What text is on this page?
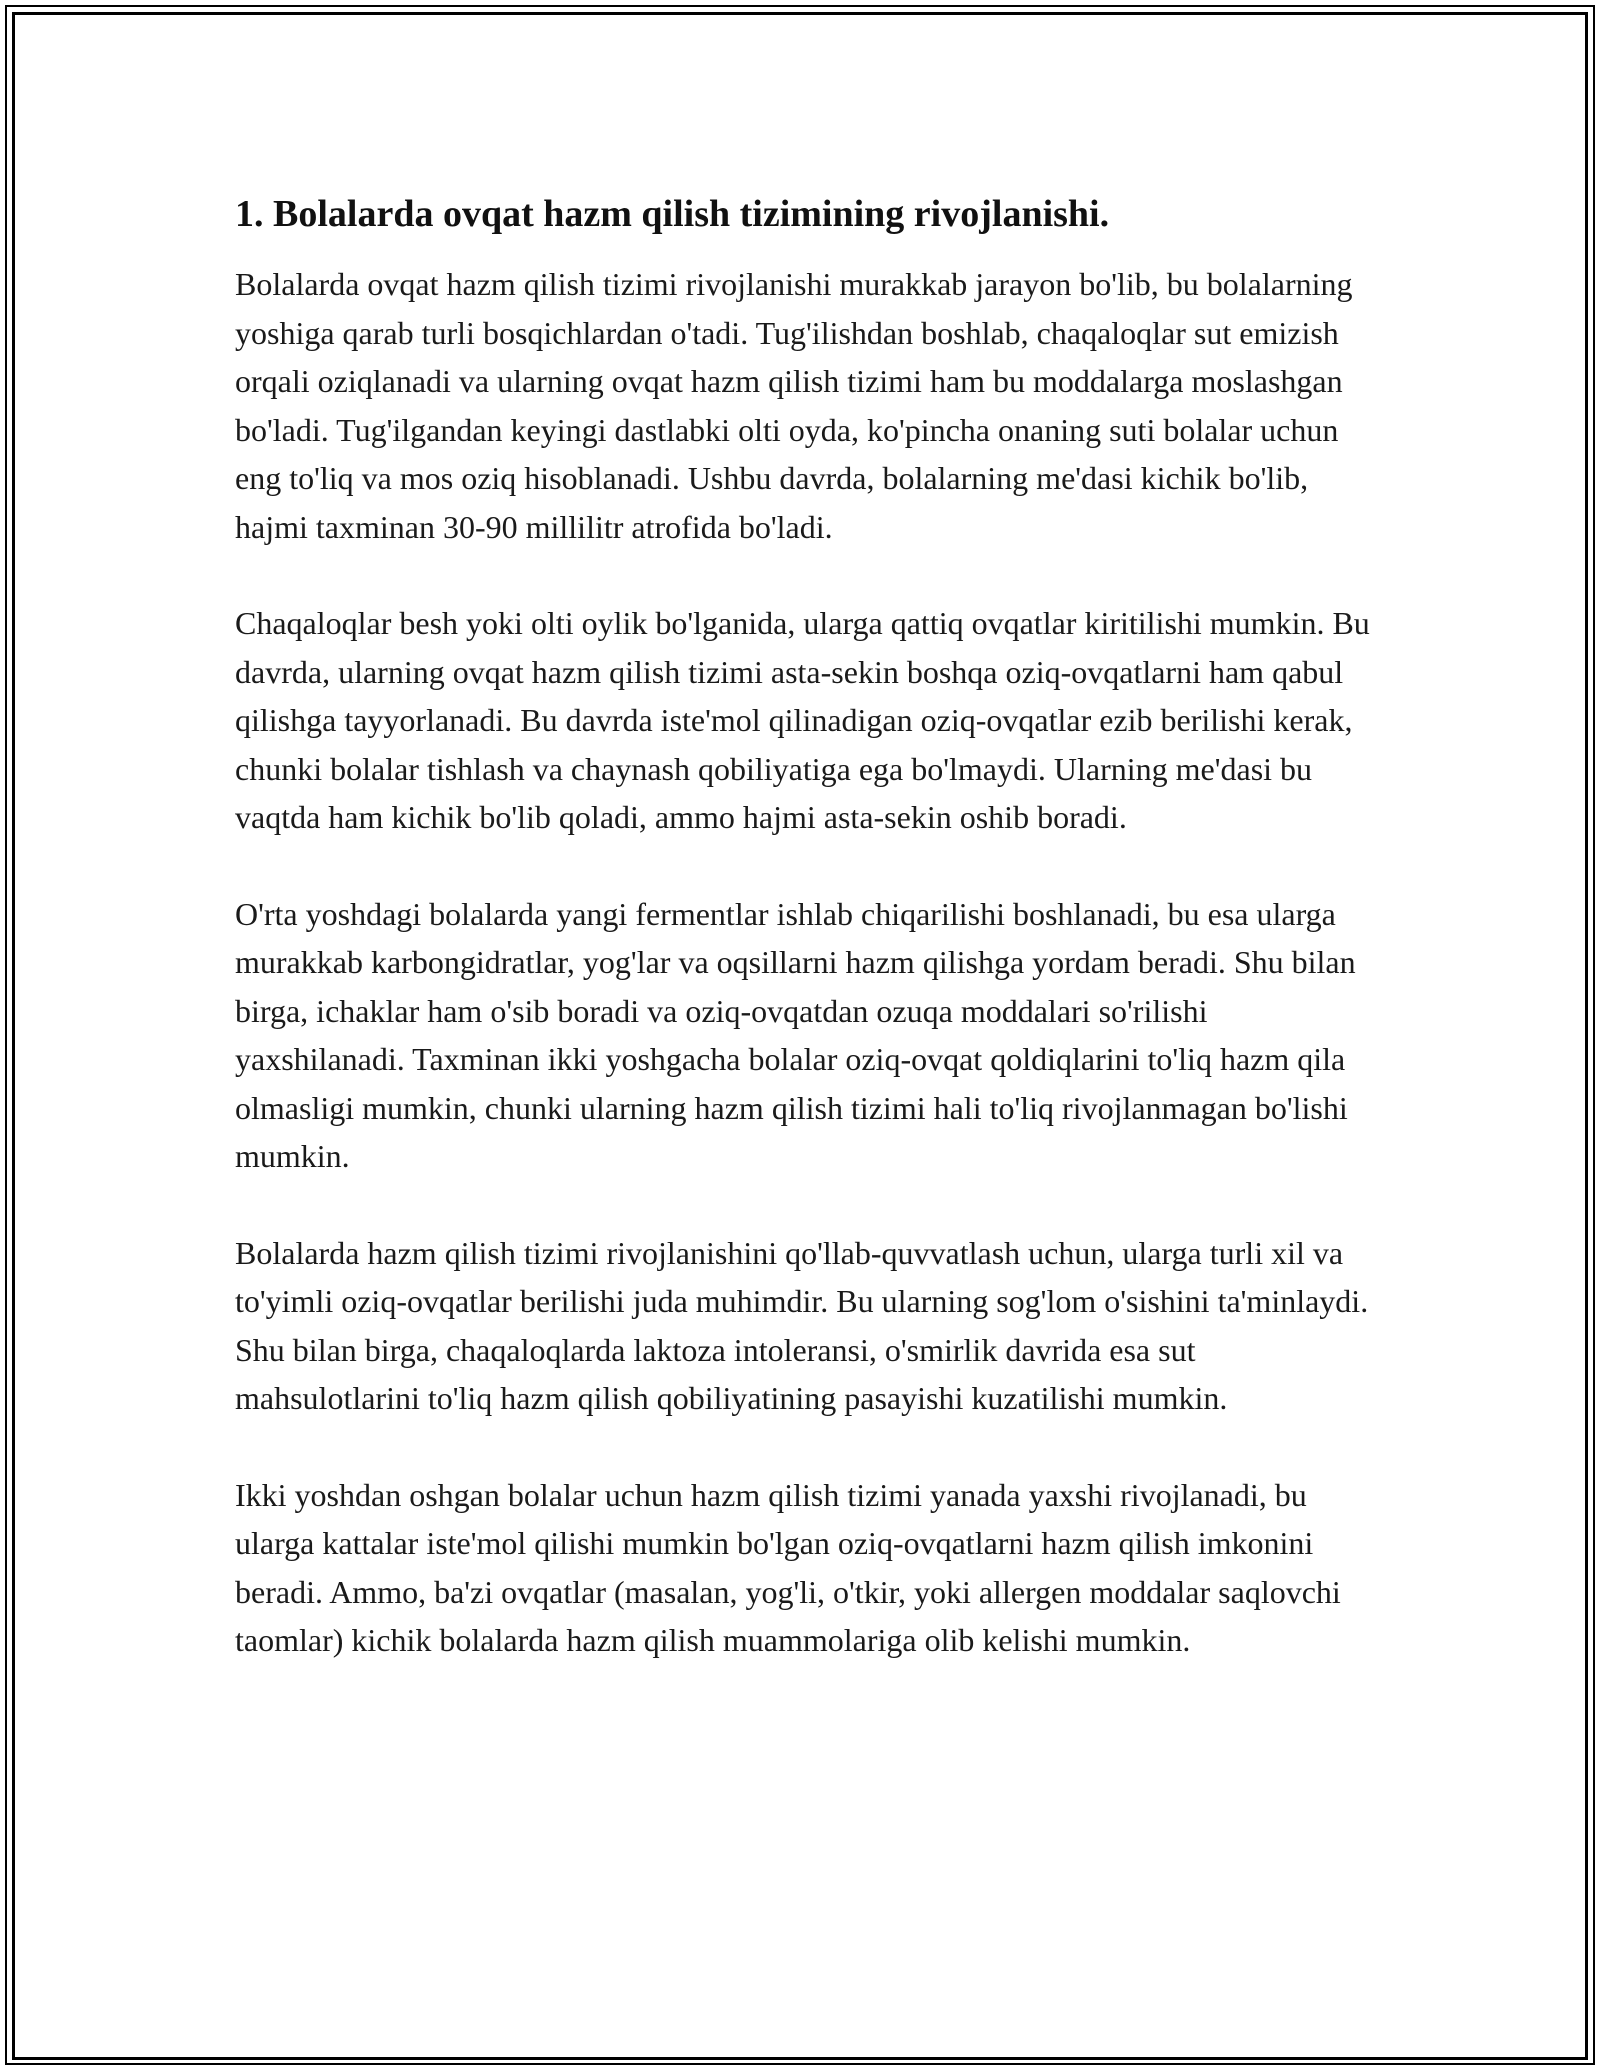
1. Bolalarda ovqat hazm qilish tizimining rivojlanishi.

Bolalarda ovqat hazm qilish tizimi rivojlanishi murakkab jarayon bo'lib, bu bolalarning yoshiga qarab turli bosqichlardan o'tadi. Tug'ilishdan boshlab, chaqaloqlar sut emizish orqali oziqlanadi va ularning ovqat hazm qilish tizimi ham bu moddalarga moslashgan bo'ladi. Tug'ilgandan keyingi dastlabki olti oyda, ko'pincha onaning suti bolalar uchun eng to'liq va mos oziq hisoblanadi. Ushbu davrda, bolalarning me'dasi kichik bo'lib, hajmi taxminan 30-90 millilitr atrofida bo'ladi.

Chaqaloqlar besh yoki olti oylik bo'lganida, ularga qattiq ovqatlar kiritilishi mumkin. Bu davrda, ularning ovqat hazm qilish tizimi asta-sekin boshqa oziq-ovqatlarni ham qabul qilishga tayyorlanadi. Bu davrda iste'mol qilinadigan oziq-ovqatlar ezib berilishi kerak, chunki bolalar tishlash va chaynash qobiliyatiga ega bo'lmaydi. Ularning me'dasi bu vaqtda ham kichik bo'lib qoladi, ammo hajmi asta-sekin oshib boradi.

O'rta yoshdagi bolalarda yangi fermentlar ishlab chiqarilishi boshlanadi, bu esa ularga murakkab karbongidratlar, yog'lar va oqsillarni hazm qilishga yordam beradi. Shu bilan birga, ichaklar ham o'sib boradi va oziq-ovqatdan ozuqa moddalari so'rilishi yaxshilanadi. Taxminan ikki yoshgacha bolalar oziq-ovqat qoldiqlarini to'liq hazm qila olmasligi mumkin, chunki ularning hazm qilish tizimi hali to'liq rivojlanmagan bo'lishi mumkin.

Bolalarda hazm qilish tizimi rivojlanishini qo'llab-quvvatlash uchun, ularga turli xil va to'yimli oziq-ovqatlar berilishi juda muhimdir. Bu ularning sog'lom o'sishini ta'minlaydi. Shu bilan birga, chaqaloqlarda laktoza intoleransi, o'smirlik davrida esa sut mahsulotlarini to'liq hazm qilish qobiliyatining pasayishi kuzatilishi mumkin.

Ikki yoshdan oshgan bolalar uchun hazm qilish tizimi yanada yaxshi rivojlanadi, bu ularga kattalar iste'mol qilishi mumkin bo'lgan oziq-ovqatlarni hazm qilish imkonini beradi. Ammo, ba'zi ovqatlar (masalan, yog'li, o'tkir, yoki allergen moddalar saqlovchi taomlar) kichik bolalarda hazm qilish muammolariga olib kelishi mumkin.
